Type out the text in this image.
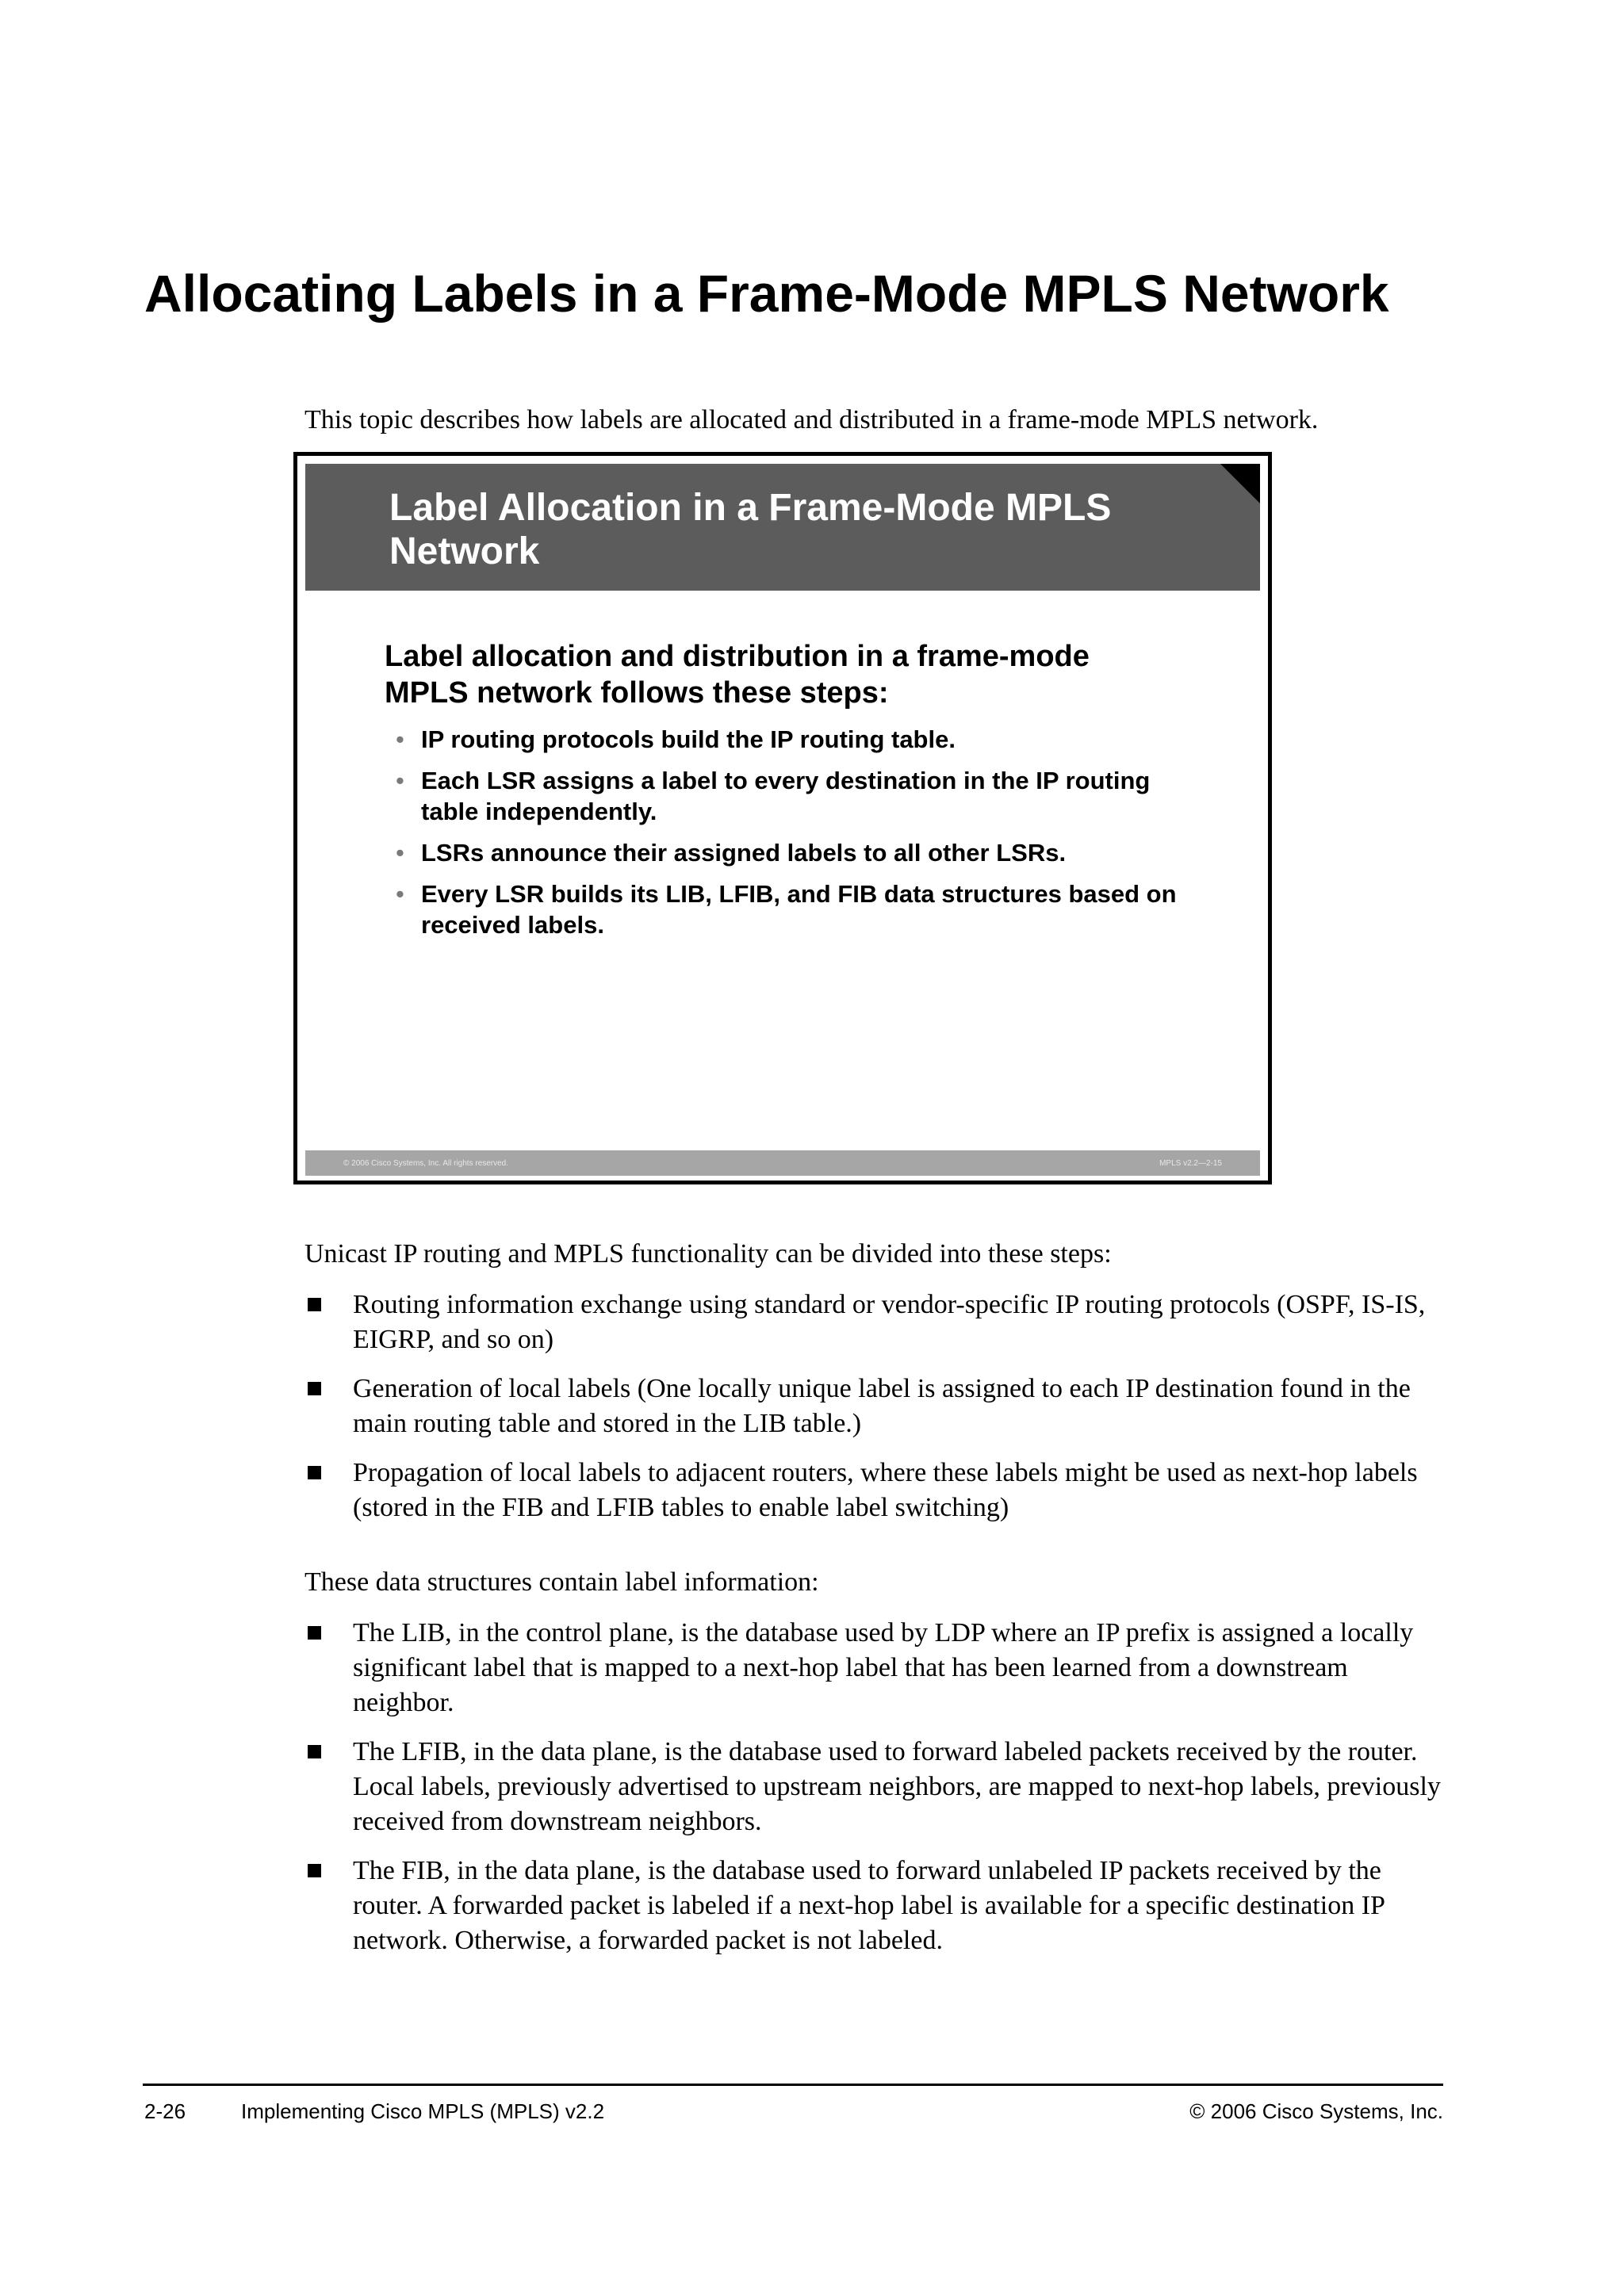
Allocating Labels in a Frame-Mode MPLS Network

This topic describes how labels are allocated and distributed in a frame-mode MPLS network.

Label Allocation in a Frame-Mode MPLS Network

Label allocation and distribution in a frame-mode MPLS network follows these steps:

• IP routing protocols build the IP routing table.
• Each LSR assigns a label to every destination in the IP routing table independently.
• LSRs announce their assigned labels to all other LSRs.
• Every LSR builds its LIB, LFIB, and FIB data structures based on received labels.
© 2006 Cisco Systems, Inc. All rights reserved.	MPLS v2.2—2-15

Unicast IP routing and MPLS functionality can be divided into these steps:

Routing information exchange using standard or vendor-specific IP routing protocols (OSPF, IS-IS, EIGRP, and so on)
Generation of local labels (One locally unique label is assigned to each IP destination found in the main routing table and stored in the LIB table.)
Propagation of local labels to adjacent routers, where these labels might be used as next-hop labels (stored in the FIB and LFIB tables to enable label switching)

These data structures contain label information:

The LIB, in the control plane, is the database used by LDP where an IP prefix is assigned a locally significant label that is mapped to a next-hop label that has been learned from a downstream neighbor.
The LFIB, in the data plane, is the database used to forward labeled packets received by the router. Local labels, previously advertised to upstream neighbors, are mapped to next-hop labels, previously received from downstream neighbors.
The FIB, in the data plane, is the database used to forward unlabeled IP packets received by the router. A forwarded packet is labeled if a next-hop label is available for a specific destination IP network. Otherwise, a forwarded packet is not labeled.
2-26	Implementing Cisco MPLS (MPLS) v2.2	© 2006 Cisco Systems, Inc.
